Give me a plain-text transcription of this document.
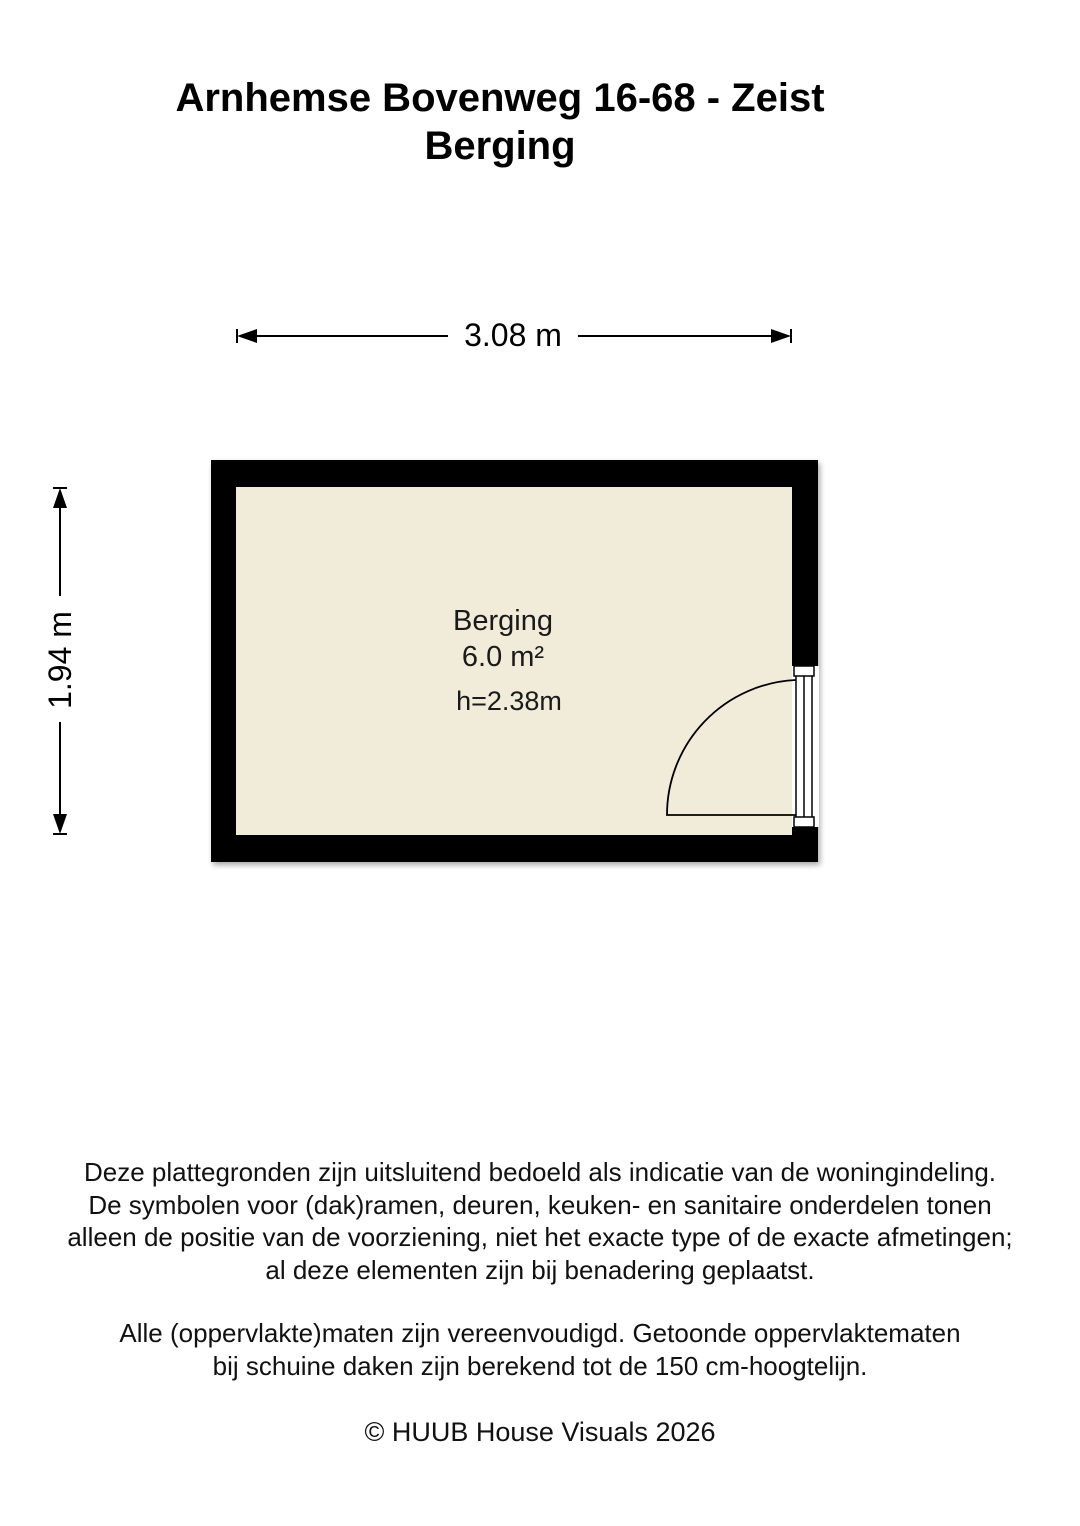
Arnhemse Bovenweg 16-68 - Zeist
Berging
3.08 m
1.94 m	Berging
6.0 m²
h=2.38m

Deze plattegronden zijn uitsluitend bedoeld als indicatie van de woningindeling.
De symbolen voor (dak)ramen, deuren, keuken- en sanitaire onderdelen tonen
alleen de positie van de voorziening, niet het exacte type of de exacte afmetingen;
al deze elementen zijn bij benadering geplaatst.

Alle (oppervlakte)maten zijn vereenvoudigd. Getoonde oppervlaktematen
bij schuine daken zijn berekend tot de 150 cm-hoogtelijn.

© HUUB House Visuals 2026
